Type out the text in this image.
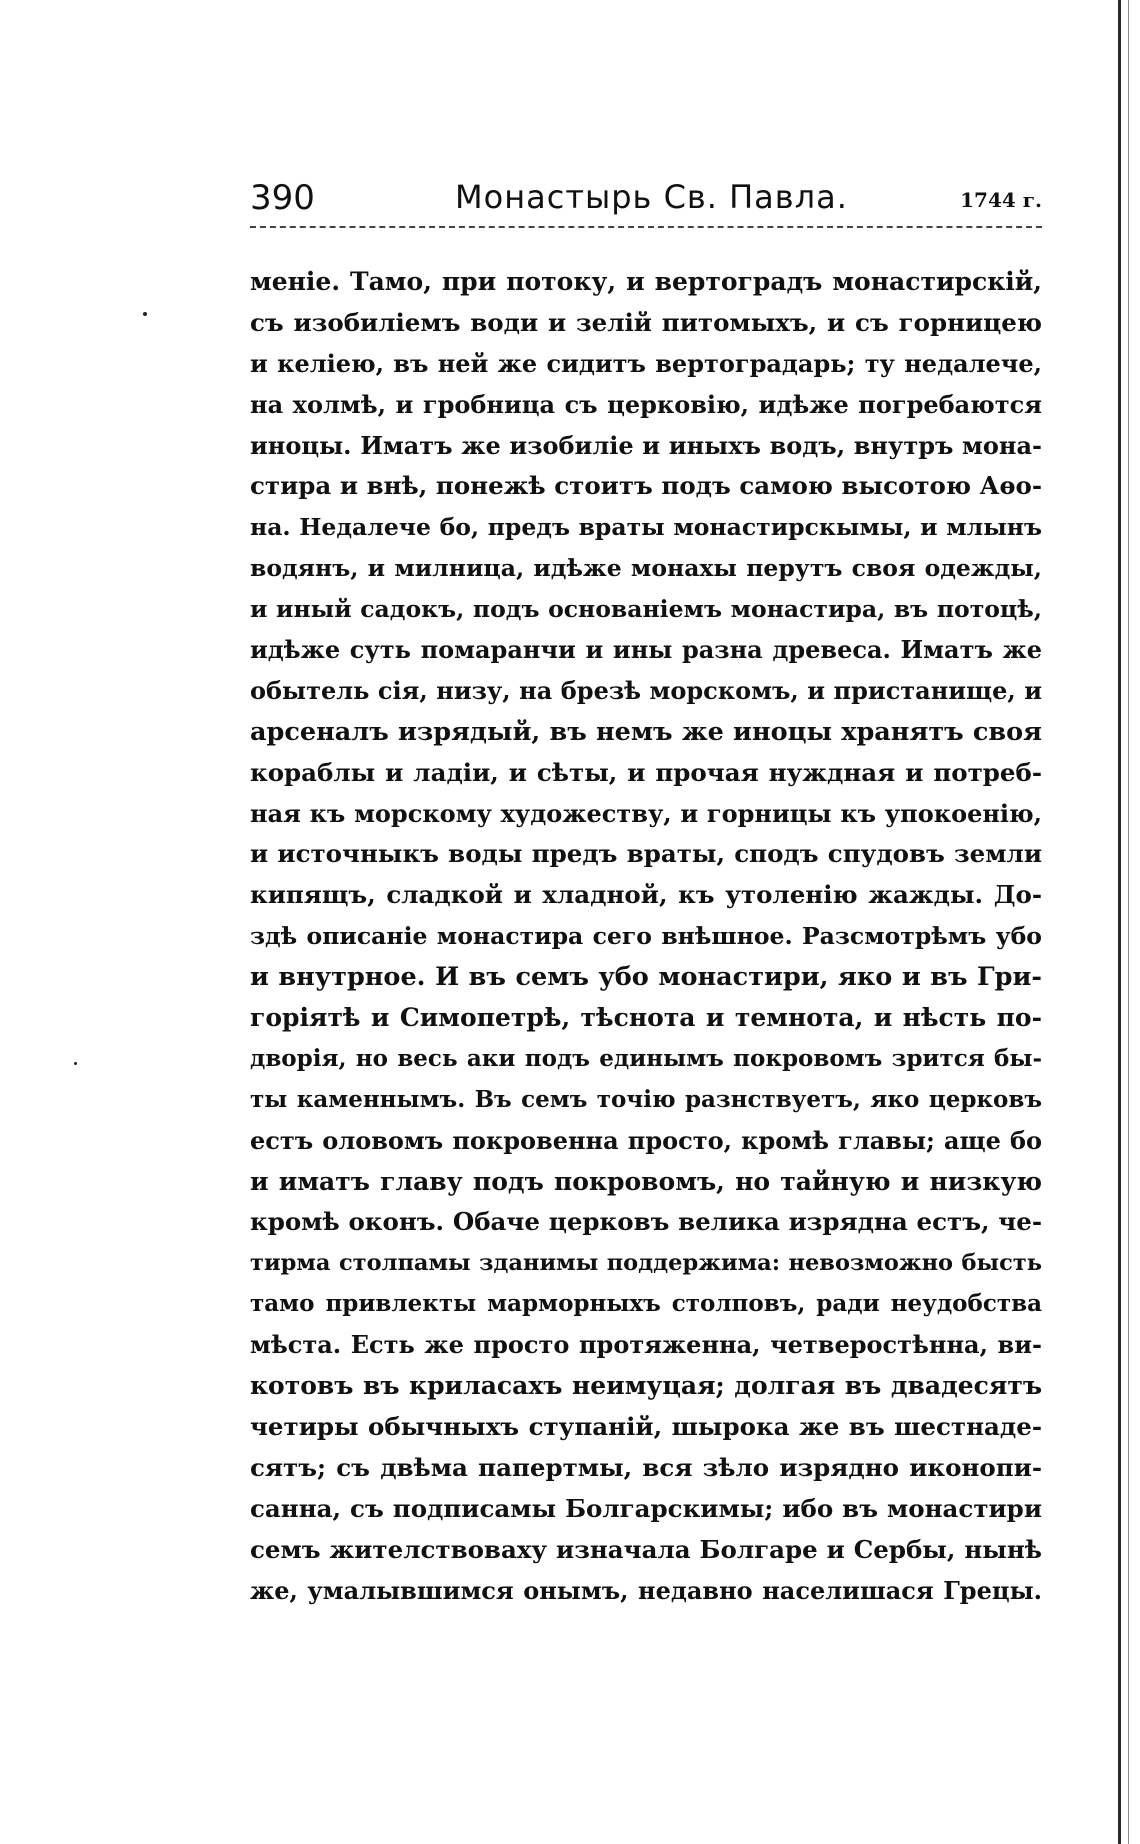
390	Монастырь Св. Павла.	1744 г.
меніе. Тамо, при потоку, и вертоградъ монастирскій,
съ изобиліемъ води и зелій питомыхъ, и съ горницею
и келіею, въ ней же сидитъ вертоградарь; ту недалече,
на холмѣ, и гробница съ церковію, идѣже погребаются
иноцы. Иматъ же изобиліе и иныхъ водъ, внутръ мона-
стира и внѣ, понежѣ стоитъ подъ самою высотою Аѳо-
на. Недалече бо, предъ враты монастирскымы, и млынъ
водянъ, и милница, идѣже монахы перутъ своя одежды,
и иный садокъ, подъ основаніемъ монастира, въ потоцѣ,
идѣже суть помаранчи и ины разна древеса. Иматъ же
обытель сія, низу, на брезѣ морскомъ, и пристанище, и
арсеналъ изрядый, въ немъ же иноцы хранятъ своя
кораблы и ладіи, и сѣты, и прочая нуждная и потреб-
ная къ морскому художеству, и горницы къ упокоенію,
и источныкъ воды предъ враты, сподъ спудовъ земли
кипящъ, сладкой и хладной, къ утоленію жажды. До-
здѣ описаніе монастира сего внѣшное. Разсмотрѣмъ убо
и внутрное. И въ семъ убо монастири, яко и въ Гри-
горіятѣ и Симопетрѣ, тѣснота и темнота, и нѣсть по-
дворія, но весь аки подъ единымъ покровомъ зрится бы-
ты каменнымъ. Въ семъ точію разнствуетъ, яко церковъ
естъ оловомъ покровенна просто, кромѣ главы; аще бо
и иматъ главу подъ покровомъ, но тайную и низкую
кромѣ оконъ. Обаче церковъ велика изрядна естъ, че-
тирма столпамы зданимы поддержима: невозможно бысть
тамо привлекты марморныхъ столповъ, ради неудобства
мѣста. Есть же просто протяженна, четверостѣнна, ви-
котовъ въ криласахъ неимуцая; долгая въ двадесятъ
четиры обычныхъ ступаній, шырока же въ шестнаде-
сятъ; съ двѣма папертмы, вся зѣло изрядно иконопи-
санна, съ подписамы Болгарскимы; ибо въ монастири
семъ жителствоваху изначала Болгаре и Сербы, нынѣ
же, умалывшимся онымъ, недавно населишася Грецы.
